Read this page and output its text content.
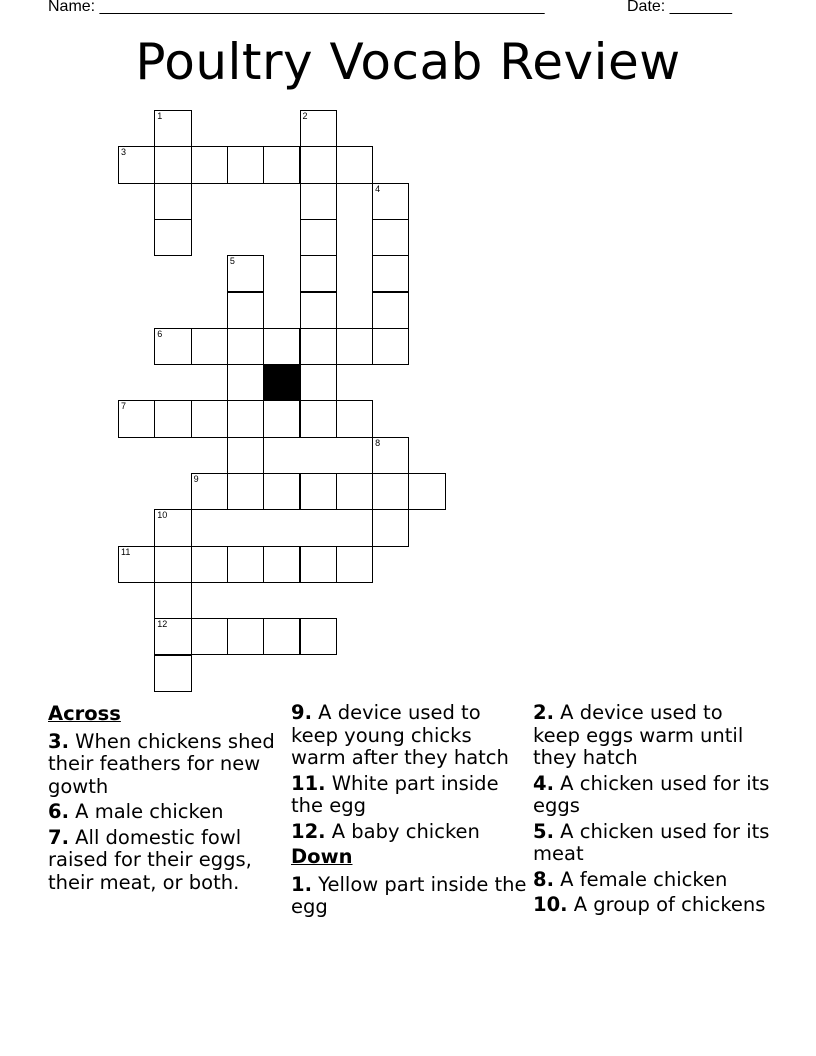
Name: __________________________________________________	Date: _______
Poultry Vocab Review
1	2
3
4
5
6
7
8
9
10
11
12
Across
3. When chickens shed their feathers for new gowth
6. A male chicken
7. All domestic fowl raised for their eggs, their meat, or both.
9. A device used to keep young chicks warm after they hatch
11. White part inside the egg
12. A baby chicken
Down
1. Yellow part inside the egg
2. A device used to keep eggs warm until they hatch
4. A chicken used for its eggs
5. A chicken used for its meat
8. A female chicken
10. A group of chickens
